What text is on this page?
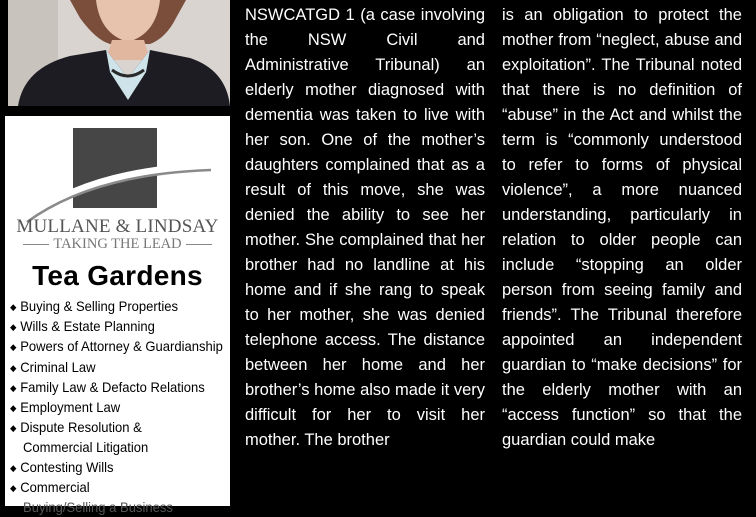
MULLANE & LINDSAY
TAKING THE LEAD
Tea Gardens
◆ Buying & Selling Properties
◆ Wills & Estate Planning
◆ Powers of Attorney & Guardianship
◆ Criminal Law
◆ Family Law & Defacto Relations
◆ Employment Law
◆ Dispute Resolution &
Commercial Litigation
◆ Contesting Wills
◆ Commercial
Buying/Selling a Business
NSWCATGD 1 (a case involving the NSW Civil and Administrative Tribunal) an elderly mother diagnosed with dementia was taken to live with her son. One of the mother’s daughters complained that as a result of this move, she was denied the ability to see her mother. She complained that her brother had no landline at his home and if she rang to speak to her mother, she was denied telephone access. The distance between her home and her brother’s home also made it very difficult for her to visit her mother. The brother
is an obligation to protect the mother from “neglect, abuse and exploitation”. The Tribunal noted that there is no definition of “abuse” in the Act and whilst the term is “commonly understood to refer to forms of physical violence”, a more nuanced understanding, particularly in relation to older people can include “stopping an older person from seeing family and friends”. The Tribunal therefore appointed an independent guardian to “make decisions” for the elderly mother with an “access function” so that the guardian could make
